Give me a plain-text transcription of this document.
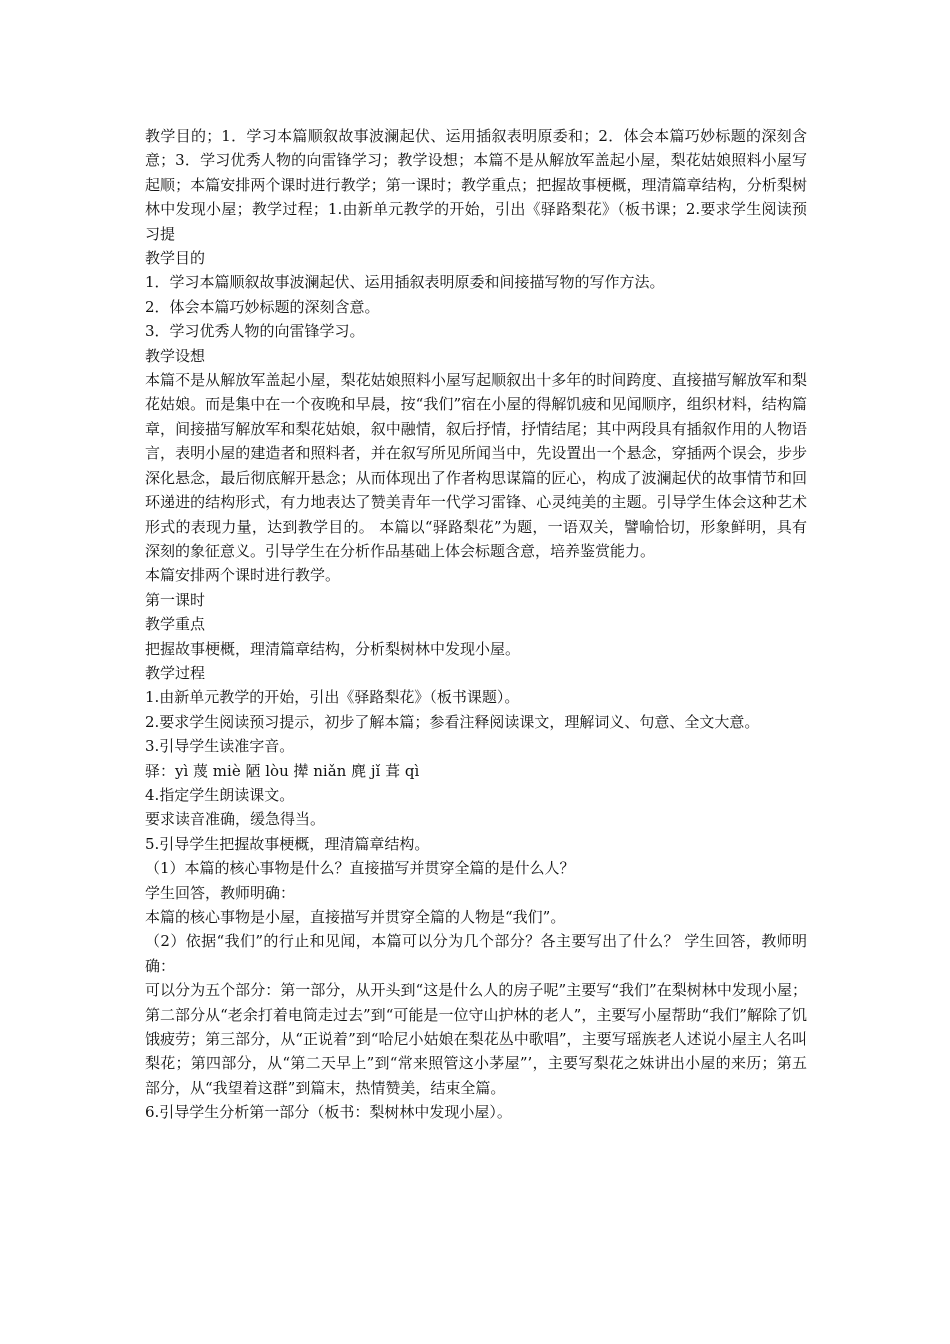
教学目的；1．学习本篇顺叙故事波澜起伏、运用插叙表明原委和；2．体会本篇巧妙标题的深刻含意；3．学习优秀人物的向雷锋学习；教学设想；本篇不是从解放军盖起小屋，梨花姑娘照料小屋写起顺；本篇安排两个课时进行教学；第一课时；教学重点；把握故事梗概，理清篇章结构，分析梨树林中发现小屋；教学过程；1.由新单元教学的开始，引出《驿路梨花》（板书课；2.要求学生阅读预习提

教学目的

1．学习本篇顺叙故事波澜起伏、运用插叙表明原委和间接描写物的写作方法。

2．体会本篇巧妙标题的深刻含意。

3．学习优秀人物的向雷锋学习。

教学设想

本篇不是从解放军盖起小屋，梨花姑娘照料小屋写起顺叙出十多年的时间跨度、直接描写解放军和梨花姑娘。而是集中在一个夜晚和早晨，按“我们”宿在小屋的得解饥疲和见闻顺序，组织材料，结构篇章，间接描写解放军和梨花姑娘，叙中融情，叙后抒情，抒情结尾；其中两段具有插叙作用的人物语言，表明小屋的建造者和照料者，并在叙写所见所闻当中，先设置出一个悬念，穿插两个误会，步步深化悬念，最后彻底解开悬念；从而体现出了作者构思谋篇的匠心，构成了波澜起伏的故事情节和回环递进的结构形式，有力地表达了赞美青年一代学习雷锋、心灵纯美的主题。引导学生体会这种艺术形式的表现力量，达到教学目的。 本篇以“驿路梨花”为题，一语双关，譬喻恰切，形象鲜明，具有深刻的象征意义。引导学生在分析作品基础上体会标题含意，培养鉴赏能力。

本篇安排两个课时进行教学。

第一课时

教学重点

把握故事梗概，理清篇章结构，分析梨树林中发现小屋。

教学过程

1.由新单元教学的开始，引出《驿路梨花》（板书课题）。

2.要求学生阅读预习提示，初步了解本篇；参看注释阅读课文，理解词义、句意、全文大意。

3.引导学生读准字音。

驿：yì 蔑 miè 陋 lòu 撵 niǎn 麂 jǐ 葺 qì

4.指定学生朗读课文。

要求读音准确，缓急得当。

5.引导学生把握故事梗概，理清篇章结构。

（1）本篇的核心事物是什么？直接描写并贯穿全篇的是什么人？

学生回答，教师明确：

本篇的核心事物是小屋，直接描写并贯穿全篇的人物是“我们”。

（2）依据“我们”的行止和见闻，本篇可以分为几个部分？各主要写出了什么？ 学生回答，教师明确：

可以分为五个部分：第一部分，从开头到“这是什么人的房子呢”主要写“我们”在梨树林中发现小屋；第二部分从“老余打着电筒走过去”到“可能是一位守山护林的老人”，主要写小屋帮助“我们”解除了饥饿疲劳；第三部分，从“正说着”到“哈尼小姑娘在梨花丛中歌唱”，主要写瑶族老人述说小屋主人名叫梨花；第四部分，从“第二天早上”到“常来照管这小茅屋”’，主要写梨花之妹讲出小屋的来历；第五部分，从“我望着这群”到篇末，热情赞美，结束全篇。

6.引导学生分析第一部分（板书：梨树林中发现小屋）。
